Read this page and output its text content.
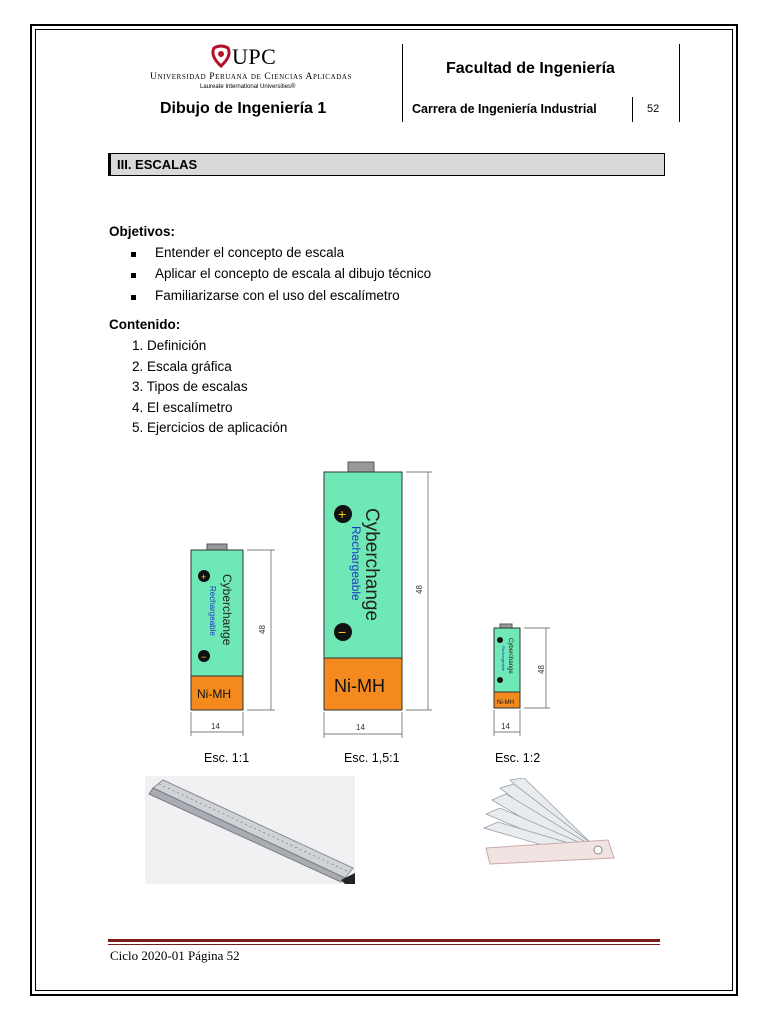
UPC
Universidad Peruana de Ciencias Aplicadas
Laureate International Universities®
Dibujo de Ingeniería 1
Facultad de Ingeniería
Carrera de Ingeniería Industrial	52
III. ESCALAS
Objetivos:
Entender el concepto de escala
Aplicar el concepto de escala al dibujo técnico
Familiarizarse con el uso del escalímetro
Contenido:
1. Definición
2. Escala gráfica
3. Tipos de escalas
4. El escalímetro
5. Ejercicios de aplicación
+
−
Cyberchange
Rechargeable
Ni-MH
48
14
+
−
Cyberchange
Rechargeable
Ni-MH
48
14
Cyberchange
Rechargeable
Ni-MH
48
14
Esc. 1:1	Esc. 1,5:1	Esc. 1:2
Ciclo 2020-01 Página 52
